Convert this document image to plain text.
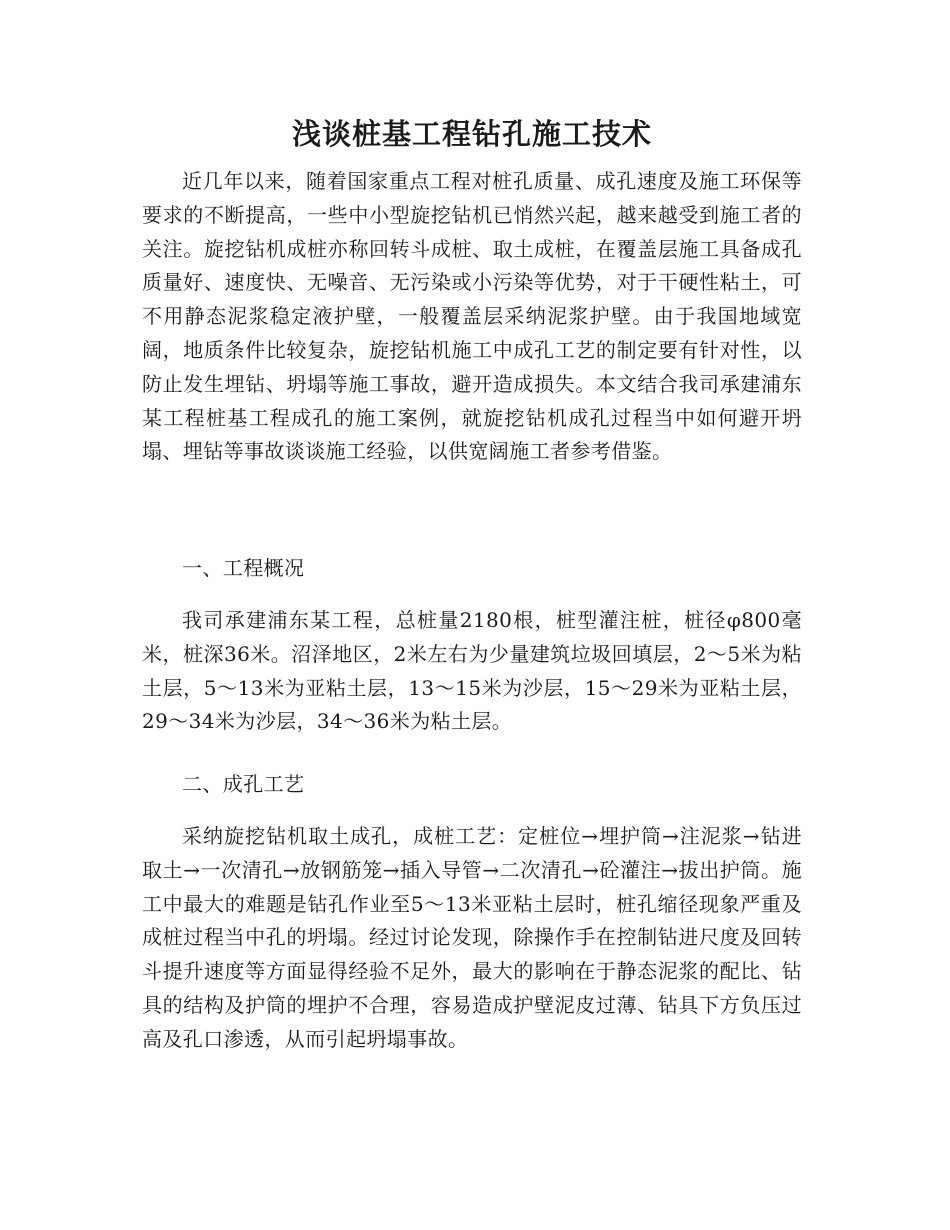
浅谈桩基工程钻孔施工技术

近几年以来，随着国家重点工程对桩孔质量、成孔速度及施工环保等要求的不断提高，一些中小型旋挖钻机已悄然兴起，越来越受到施工者的关注。旋挖钻机成桩亦称回转斗成桩、取土成桩，在覆盖层施工具备成孔质量好、速度快、无噪音、无污染或小污染等优势，对于干硬性粘土，可不用静态泥浆稳定液护壁，一般覆盖层采纳泥浆护壁。由于我国地域宽阔，地质条件比较复杂，旋挖钻机施工中成孔工艺的制定要有针对性，以防止发生埋钻、坍塌等施工事故，避开造成损失。本文结合我司承建浦东某工程桩基工程成孔的施工案例，就旋挖钻机成孔过程当中如何避开坍塌、埋钻等事故谈谈施工经验，以供宽阔施工者参考借鉴。

一、工程概况

我司承建浦东某工程，总桩量2180根，桩型灌注桩，桩径φ800毫米，桩深36米。沼泽地区，2米左右为少量建筑垃圾回填层，2～5米为粘土层，5～13米为亚粘土层，13～15米为沙层，15～29米为亚粘土层，29～34米为沙层，34～36米为粘土层。

二、成孔工艺

采纳旋挖钻机取土成孔，成桩工艺：定桩位→埋护筒→注泥浆→钻进取土→一次清孔→放钢筋笼→插入导管→二次清孔→砼灌注→拔出护筒。施工中最大的难题是钻孔作业至5～13米亚粘土层时，桩孔缩径现象严重及成桩过程当中孔的坍塌。经过讨论发现，除操作手在控制钻进尺度及回转斗提升速度等方面显得经验不足外，最大的影响在于静态泥浆的配比、钻具的结构及护筒的埋护不合理，容易造成护壁泥皮过薄、钻具下方负压过高及孔口渗透，从而引起坍塌事故。
